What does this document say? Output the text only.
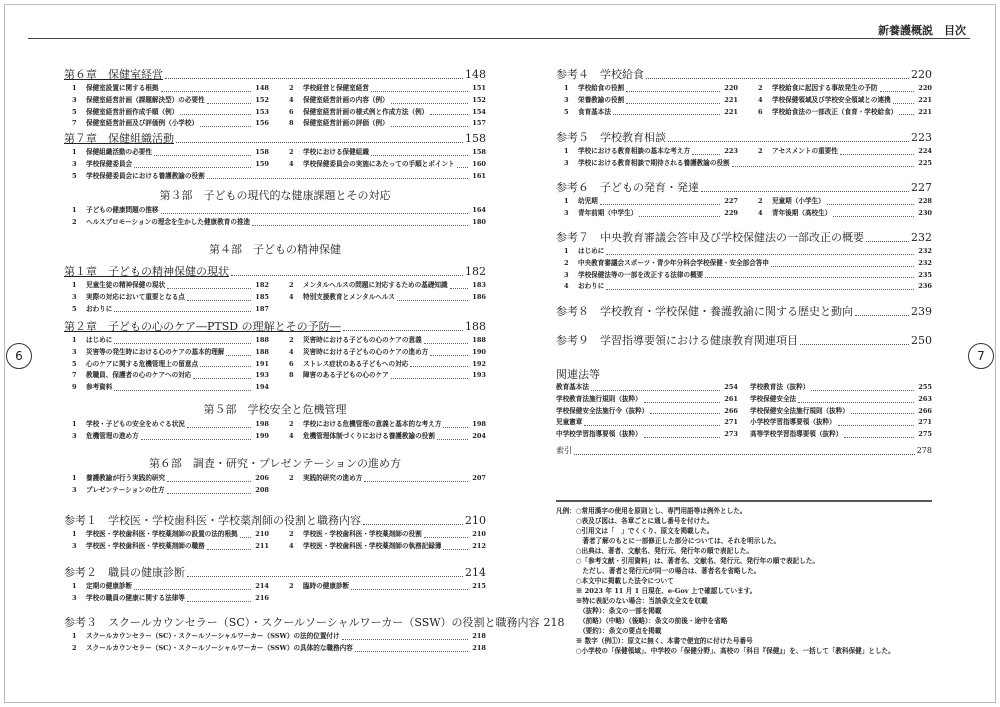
新養護概説　目次
6	7
第６章　保健室経営	148
1	保健室設置に関する根拠	148	2	学校経営と保健室経営	151
3	保健室経営計画（課題解決型）の必要性	152	4	保健室経営計画の内容（例）	152
5	保健室経営計画作成手順（例）	153	6	保健室経営計画の様式例と作成方法（例）	154
7	保健室経営計画及び評価例（小学校）	156	8	保健室経営計画の評価（例）	157
第７章　保健組織活動	158
1	保健組織活動の必要性	158	2	学校における保健組織	158
3	学校保健委員会	159	4	学校保健委員会の実施にあたっての手順とポイント	160
5	学校保健委員会における養護教諭の役割	161
第３部　子どもの現代的な健康課題とその対応
1	子どもの健康問題の推移	164
2	ヘルスプロモーションの理念を生かした健康教育の推進	180
第４部　子どもの精神保健
第１章　子どもの精神保健の現状	182
1	児童生徒の精神保健の現状	182	2	メンタルヘルスの問題に対応するための基礎知識	183
3	実際の対応において重要となる点	185	4	特別支援教育とメンタルヘルス	186
5	おわりに	187
第２章　子どもの心のケア―PTSD の理解とその予防―	188
1	はじめに	188	2	災害時における子どもの心のケアの意義	188
3	災害等の発生時における心のケアの基本的理解	188	4	災害時における子どもの心のケアの進め方	190
5	心のケアに関する危機管理上の留意点	191	6	ストレス症状のある子どもへの対応	192
7	教職員、保護者の心のケアへの対応	193	8	障害のある子どもの心のケア	193
9	参考資料	194
第５部　学校安全と危機管理
1	学校・子どもの安全をめぐる状況	198	2	学校における危機管理の意義と基本的な考え方	198
3	危機管理の進め方	199	4	危機管理体制づくりにおける養護教諭の役割	204
第６部　調査・研究・プレゼンテーションの進め方
1	養護教諭が行う実践的研究	206	2	実践的研究の進め方	207
3	プレゼンテーションの仕方	208
参考１　学校医・学校歯科医・学校薬剤師の役割と職務内容	210
1	学校医・学校歯科医・学校薬剤師の設置の法的根拠	210	2	学校医・学校歯科医・学校薬剤師の役割	210
3	学校医・学校歯科医・学校薬剤師の職務	211	4	学校医・学校歯科医・学校薬剤師の執務記録簿	212
参考２　職員の健康診断	214
1	定期の健康診断	214	2	臨時の健康診断	215
3	学校の職員の健康に関する法律等	216
参考３　スクールカウンセラー（SC）・スクールソーシャルワーカー（SSW）の役割と職務内容 218
1	スクールカウンセラー（SC）・スクールソーシャルワーカー（SSW）の法的位置付け	218
2	スクールカウンセラー（SC）・スクールソーシャルワーカー（SSW）の具体的な職務内容	218
参考４　学校給食	220
1	学校給食の役割	220	2	学校給食に起因する事故発生の予防	220
3	栄養教諭の役割	221	4	学校保健領域及び学校安全領域との連携	221
5	食育基本法	221	6	学校給食法の一部改正（食育・学校給食）	221
参考５　学校教育相談	223
1	学校における教育相談の基本な考え方	223	2	アセスメントの重要性	224
3	学校における教育相談で期待される養護教諭の役割	225
参考６　子どもの発育・発達	227
1	幼児期	227	2	児童期（小学生）	228
3	青年前期（中学生）	229	4	青年後期（高校生）	230
参考７　中央教育審議会答申及び学校保健法の一部改正の概要	232
1	はじめに	232
2	中央教育審議会スポーツ・青少年分科会学校保健・安全部会答申	232
3	学校保健法等の一部を改正する法律の概要	235
4	おわりに	236
参考８　学校教育・学校保健・養護教諭に関する歴史と動向	239
参考９　学習指導要領における健康教育関連項目	250
関連法等
教育基本法	254 学校教育法（抜粋）	255
学校教育法施行規則（抜粋）	261 学校保健安全法	263
学校保健安全法施行令（抜粋）	266 学校保健安全法施行規則（抜粋）	266
児童憲章	271 小学校学習指導要領（抜粋）	271
中学校学習指導要領（抜粋）	273 高等学校学習指導要領（抜粋）	275
索引	278
凡例：○常用漢字の使用を原則とし、専門用語等は例外とした。
　　　○表及び図は、各章ごとに通し番号を付けた。
　　　○引用文は「　」でくくり、原文を掲載した。
　　　　著者了解のもとに一部修正した部分については、それを明示した。
　　　○出典は、著者、文献名、発行元、発行年の順で表記した。
　　　○「参考文献・引用資料」は、著者名、文献名、発行元、発行年の順で表記した。
　　　　ただし、著者と発行元が同一の場合は、著者名を省略した。
　　　○本文中に掲載した法令について
　　　※ 2023 年 11 月 1 日現在、e-Gov 上で確認しています。
　　　※特に表記のない場合：当該条文全文を収載
　　　　（抜粋）：条文の一部を掲載
　　　　（前略）（中略）（後略）：条文の前後・途中を省略
　　　　（要約）：条文の要点を掲載
　　　※ 数字（例①）：原文に無く、本書で便宜的に付けた号番号
　　　○小学校の「保健領域」、中学校の「保健分野」、高校の「科目『保健』」を、一括して「教科保健」とした。
